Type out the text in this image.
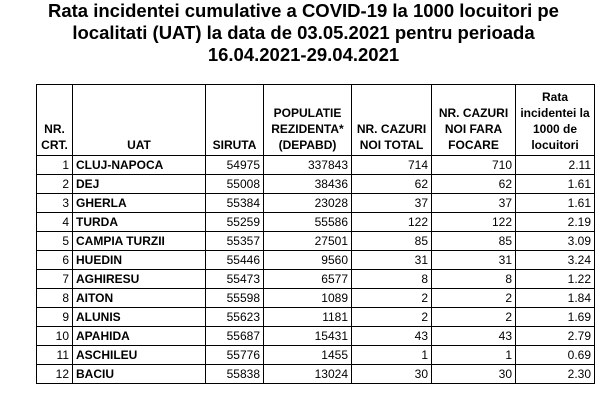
Rata incidentei cumulative a COVID-19 la 1000 locuitori pe
localitati (UAT) la data de 03.05.2021 pentru perioada
16.04.2021-29.04.2021
NR. CRT.	UAT	SIRUTA	POPULATIE REZIDENTA* (DEPABD)	NR. CAZURI NOI TOTAL	NR. CAZURI NOI FARA FOCARE	Rata incidentei la 1000 de locuitori
1	CLUJ-NAPOCA	54975	337843	714	710	2.11
2	DEJ	55008	38436	62	62	1.61
3	GHERLA	55384	23028	37	37	1.61
4	TURDA	55259	55586	122	122	2.19
5	CAMPIA TURZII	55357	27501	85	85	3.09
6	HUEDIN	55446	9560	31	31	3.24
7	AGHIRESU	55473	6577	8	8	1.22
8	AITON	55598	1089	2	2	1.84
9	ALUNIS	55623	1181	2	2	1.69
10	APAHIDA	55687	15431	43	43	2.79
11	ASCHILEU	55776	1455	1	1	0.69
12	BACIU	55838	13024	30	30	2.30
